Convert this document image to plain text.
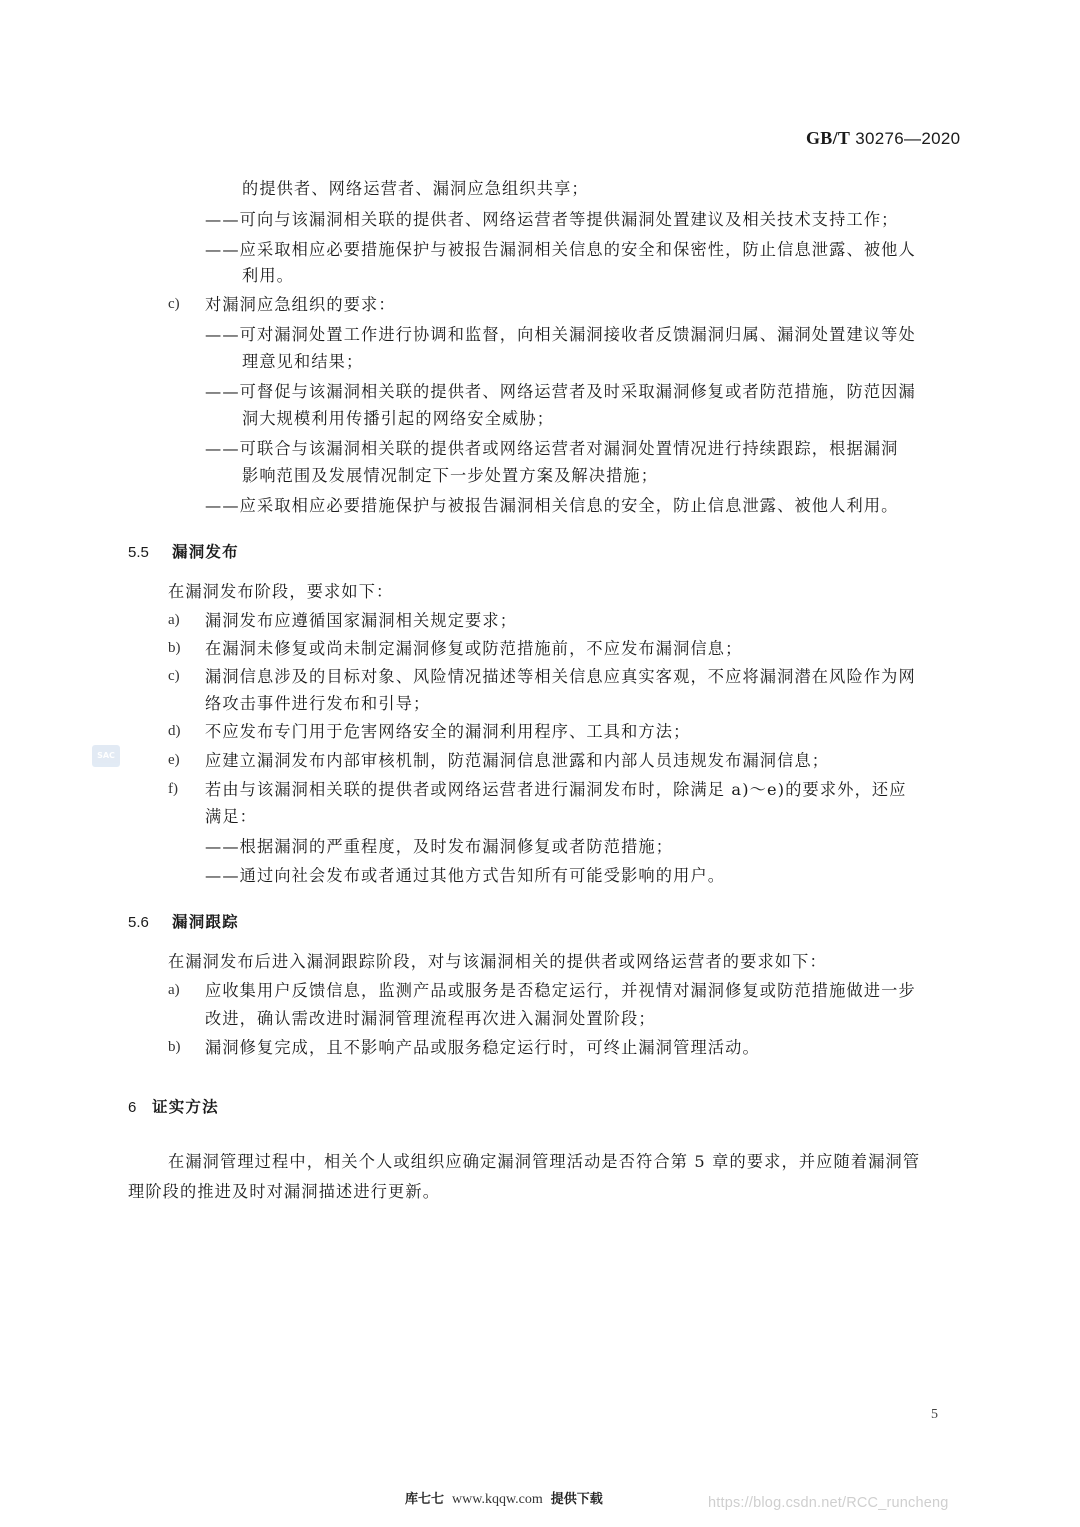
GB/T 30276—2020
的提供者、网络运营者、漏洞应急组织共享；
——可向与该漏洞相关联的提供者、网络运营者等提供漏洞处置建议及相关技术支持工作；
——应采取相应必要措施保护与被报告漏洞相关信息的安全和保密性，防止信息泄露、被他人
利用。
c) 对漏洞应急组织的要求：
——可对漏洞处置工作进行协调和监督，向相关漏洞接收者反馈漏洞归属、漏洞处置建议等处
理意见和结果；
——可督促与该漏洞相关联的提供者、网络运营者及时采取漏洞修复或者防范措施，防范因漏
洞大规模利用传播引起的网络安全威胁；
——可联合与该漏洞相关联的提供者或网络运营者对漏洞处置情况进行持续跟踪，根据漏洞
影响范围及发展情况制定下一步处置方案及解决措施；
——应采取相应必要措施保护与被报告漏洞相关信息的安全，防止信息泄露、被他人利用。
5.5 漏洞发布
在漏洞发布阶段，要求如下：
a) 漏洞发布应遵循国家漏洞相关规定要求；
b) 在漏洞未修复或尚未制定漏洞修复或防范措施前，不应发布漏洞信息；
c) 漏洞信息涉及的目标对象、风险情况描述等相关信息应真实客观，不应将漏洞潜在风险作为网
络攻击事件进行发布和引导；
d) 不应发布专门用于危害网络安全的漏洞利用程序、工具和方法；
SAC	e) 应建立漏洞发布内部审核机制，防范漏洞信息泄露和内部人员违规发布漏洞信息；
f) 若由与该漏洞相关联的提供者或网络运营者进行漏洞发布时，除满足 a)～e)的要求外，还应
满足：
——根据漏洞的严重程度，及时发布漏洞修复或者防范措施；
——通过向社会发布或者通过其他方式告知所有可能受影响的用户。
5.6 漏洞跟踪
在漏洞发布后进入漏洞跟踪阶段，对与该漏洞相关的提供者或网络运营者的要求如下：
a) 应收集用户反馈信息，监测产品或服务是否稳定运行，并视情对漏洞修复或防范措施做进一步
改进，确认需改进时漏洞管理流程再次进入漏洞处置阶段；
b) 漏洞修复完成，且不影响产品或服务稳定运行时，可终止漏洞管理活动。
6 证实方法
在漏洞管理过程中，相关个人或组织应确定漏洞管理活动是否符合第 5 章的要求，并应随着漏洞管
理阶段的推进及时对漏洞描述进行更新。
5
库七七 www.kqqw.com 提供下载	https://blog.csdn.net/RCC_runcheng
